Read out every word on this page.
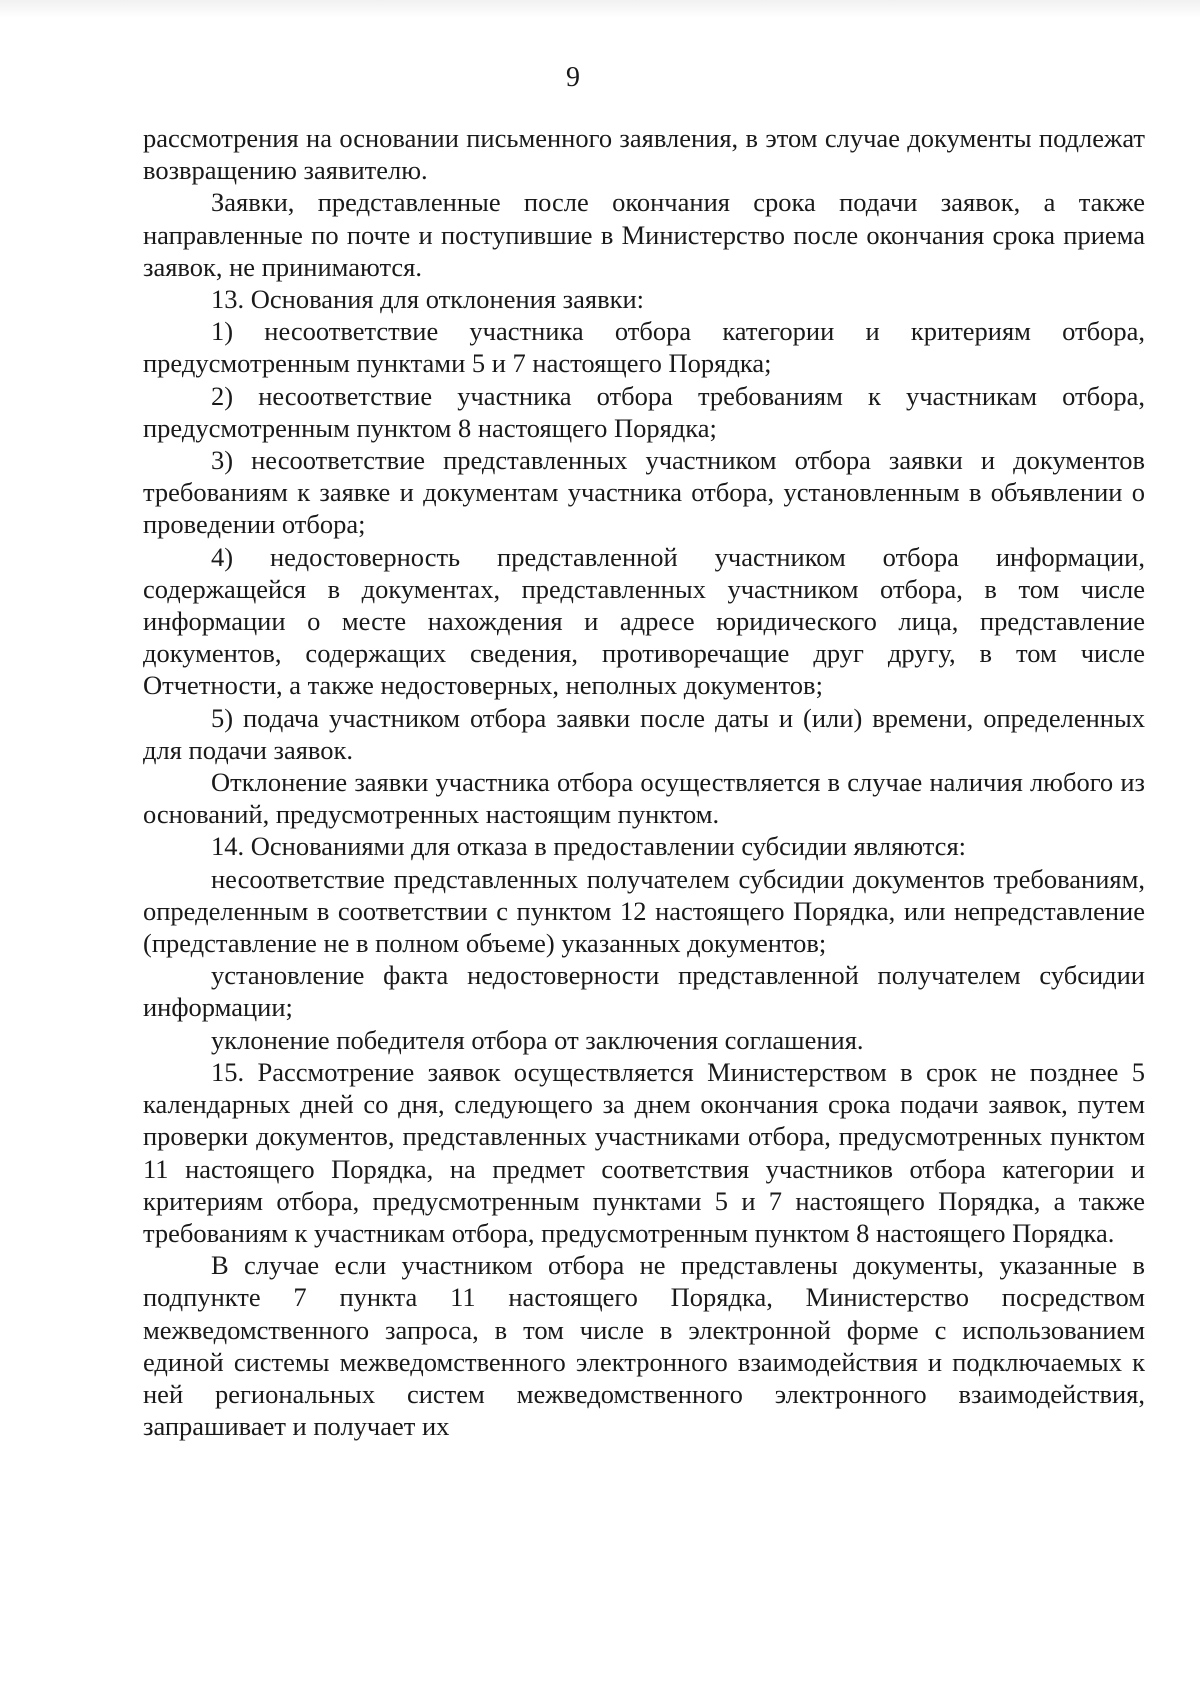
9

рассмотрения на основании письменного заявления, в этом случае документы подлежат возвращению заявителю.

Заявки, представленные после окончания срока подачи заявок, а также направленные по почте и поступившие в Министерство после окончания срока приема заявок, не принимаются.

13. Основания для отклонения заявки:

1) несоответствие участника отбора категории и критериям отбора, предусмотренным пунктами 5 и 7 настоящего Порядка;

2) несоответствие участника отбора требованиям к участникам отбора, предусмотренным пунктом 8 настоящего Порядка;

3) несоответствие представленных участником отбора заявки и документов требованиям к заявке и документам участника отбора, установленным в объявлении о проведении отбора;

4) недостоверность представленной участником отбора информации, содержащейся в документах, представленных участником отбора, в том числе информации о месте нахождения и адресе юридического лица, представление документов, содержащих сведения, противоречащие друг другу, в том числе Отчетности, а также недостоверных, неполных документов;

5) подача участником отбора заявки после даты и (или) времени, определенных для подачи заявок.

Отклонение заявки участника отбора осуществляется в случае наличия любого из оснований, предусмотренных настоящим пунктом.

14. Основаниями для отказа в предоставлении субсидии являются:

несоответствие представленных получателем субсидии документов требованиям, определенным в соответствии с пунктом 12 настоящего Порядка, или непредставление (представление не в полном объеме) указанных документов;

установление факта недостоверности представленной получателем субсидии информации;

уклонение победителя отбора от заключения соглашения.

15. Рассмотрение заявок осуществляется Министерством в срок не позднее 5 календарных дней со дня, следующего за днем окончания срока подачи заявок, путем проверки документов, представленных участниками отбора, предусмотренных пунктом 11 настоящего Порядка, на предмет соответствия участников отбора категории и критериям отбора, предусмотренным пунктами 5 и 7 настоящего Порядка, а также требованиям к участникам отбора, предусмотренным пунктом 8 настоящего Порядка.

В случае если участником отбора не представлены документы, указанные в подпункте 7 пункта 11 настоящего Порядка, Министерство посредством межведомственного запроса, в том числе в электронной форме с использованием единой системы межведомственного электронного взаимодействия и подключаемых к ней региональных систем межведомственного электронного взаимодействия, запрашивает и получает их
